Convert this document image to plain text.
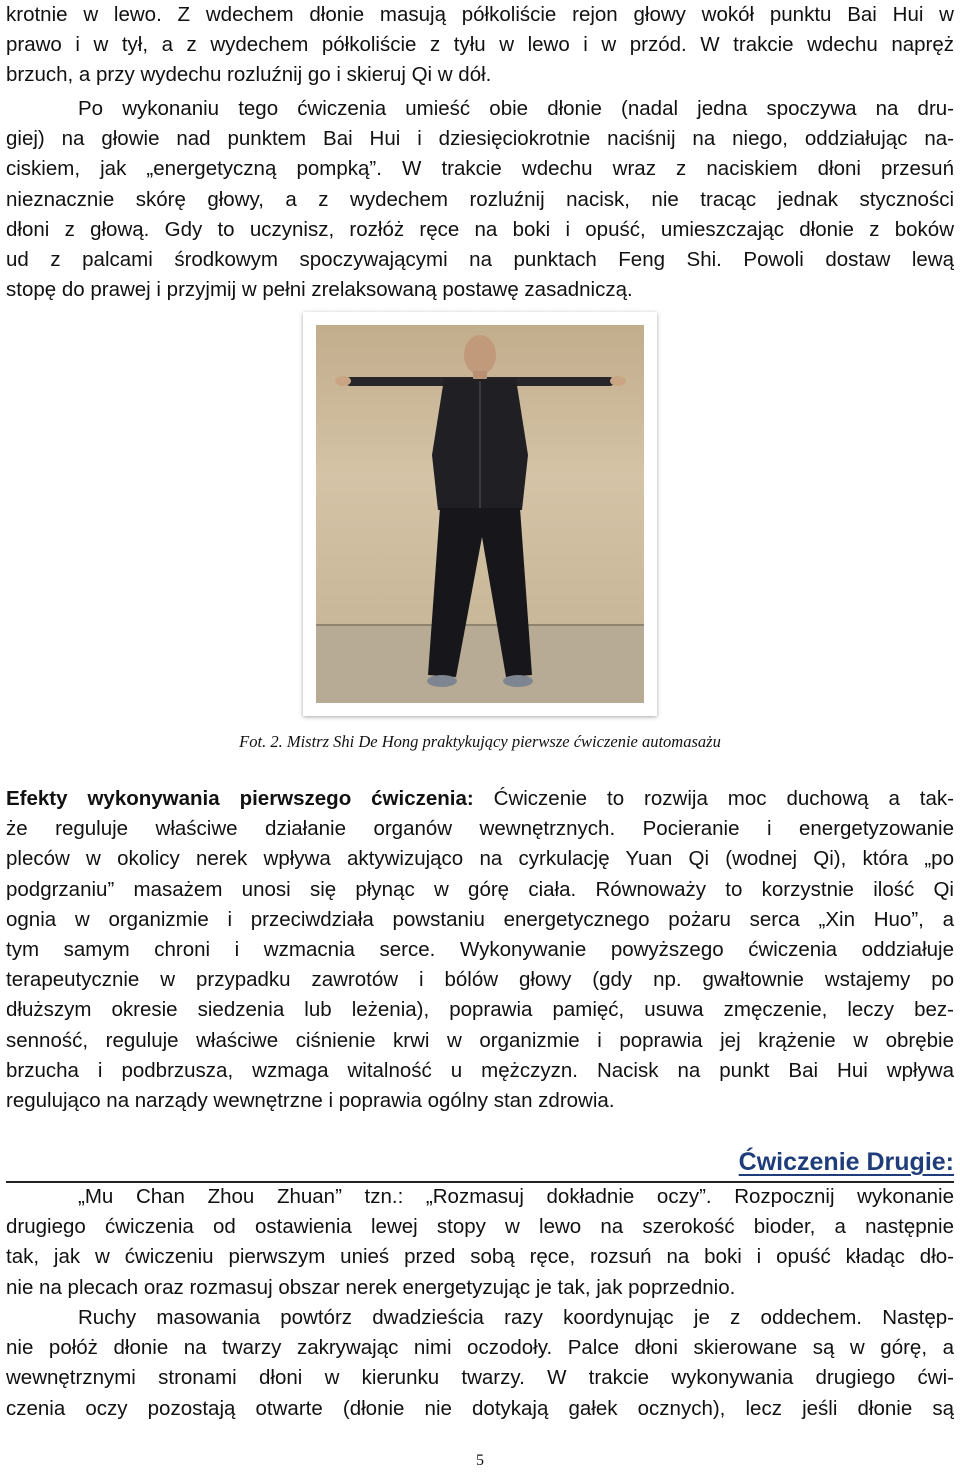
krotnie w lewo. Z wdechem dłonie masują półkoliście rejon głowy wokół punktu Bai Hui w
prawo i w tył, a z wydechem półkoliście z tyłu w lewo i w przód. W trakcie wdechu napręż
brzuch, a przy wydechu rozluźnij go i skieruj Qi w dół.
Po wykonaniu tego ćwiczenia umieść obie dłonie (nadal jedna spoczywa na dru-
giej) na głowie nad punktem Bai Hui i dziesięciokrotnie naciśnij na niego, oddziałując na-
ciskiem, jak „energetyczną pompką”. W trakcie wdechu wraz z naciskiem dłoni przesuń
nieznacznie skórę głowy, a z wydechem rozluźnij nacisk, nie tracąc jednak styczności
dłoni z głową. Gdy to uczynisz, rozłóż ręce na boki i opuść, umieszczając dłonie z boków
ud z palcami środkowym spoczywającymi na punktach Feng Shi. Powoli dostaw lewą
stopę do prawej i przyjmij w pełni zrelaksowaną postawę zasadniczą.
Fot. 2. Mistrz Shi De Hong praktykujący pierwsze ćwiczenie automasażu
Efekty wykonywania pierwszego ćwiczenia: Ćwiczenie to rozwija moc duchową a tak-
że reguluje właściwe działanie organów wewnętrznych. Pocieranie i energetyzowanie
pleców w okolicy nerek wpływa aktywizująco na cyrkulację Yuan Qi (wodnej Qi), która „po
podgrzaniu” masażem unosi się płynąc w górę ciała. Równoważy to korzystnie ilość Qi
ognia w organizmie i przeciwdziała powstaniu energetycznego pożaru serca „Xin Huo”, a
tym samym chroni i wzmacnia serce. Wykonywanie powyższego ćwiczenia oddziałuje
terapeutycznie w przypadku zawrotów i bólów głowy (gdy np. gwałtownie wstajemy po
dłuższym okresie siedzenia lub leżenia), poprawia pamięć, usuwa zmęczenie, leczy bez-
senność, reguluje właściwe ciśnienie krwi w organizmie i poprawia jej krążenie w obrębie
brzucha i podbrzusza, wzmaga witalność u mężczyzn. Nacisk na punkt Bai Hui wpływa
regulująco na narządy wewnętrzne i poprawia ogólny stan zdrowia.
Ćwiczenie Drugie:
„Mu Chan Zhou Zhuan” tzn.: „Rozmasuj dokładnie oczy”. Rozpocznij wykonanie
drugiego ćwiczenia od ostawienia lewej stopy w lewo na szerokość bioder, a następnie
tak, jak w ćwiczeniu pierwszym unieś przed sobą ręce, rozsuń na boki i opuść kładąc dło-
nie na plecach oraz rozmasuj obszar nerek energetyzując je tak, jak poprzednio.
Ruchy masowania powtórz dwadzieścia razy koordynując je z oddechem. Następ-
nie połóż dłonie na twarzy zakrywając nimi oczodoły. Palce dłoni skierowane są w górę, a
wewnętrznymi stronami dłoni w kierunku twarzy. W trakcie wykonywania drugiego ćwi-
czenia oczy pozostają otwarte (dłonie nie dotykają gałek ocznych), lecz jeśli dłonie są
5
